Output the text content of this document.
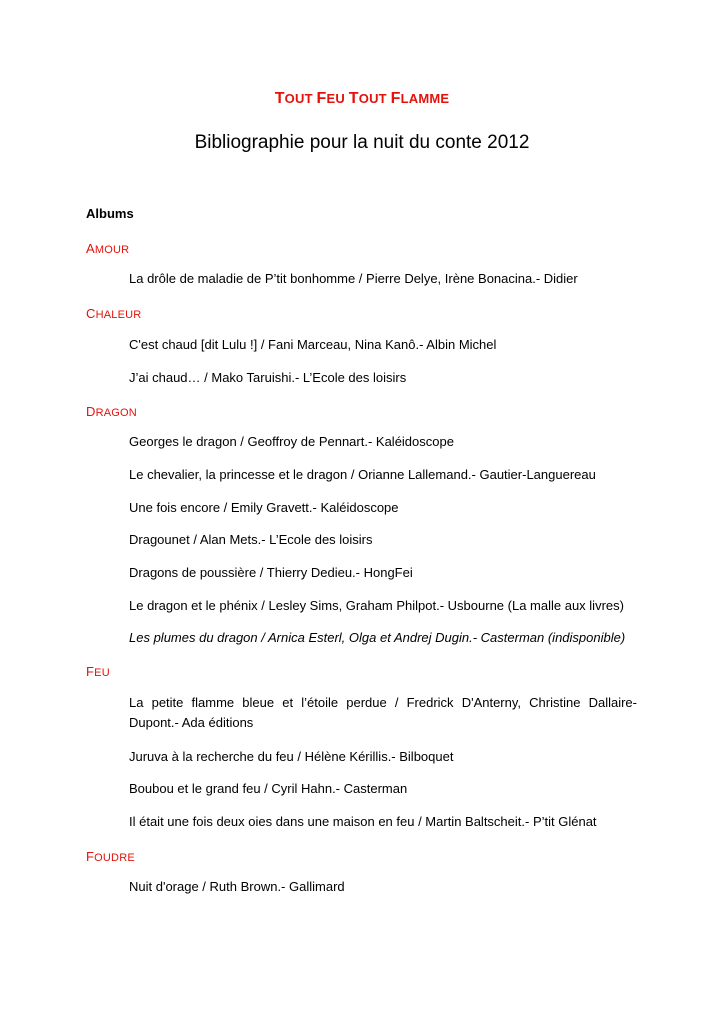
TOUT FEU TOUT FLAMME
Bibliographie pour la nuit du conte 2012
Albums
AMOUR
La drôle de maladie de P’tit bonhomme / Pierre Delye, Irène Bonacina.- Didier
CHALEUR
C'est chaud [dit Lulu !] / Fani Marceau, Nina Kanô.- Albin Michel
J’ai chaud… / Mako Taruishi.- L’Ecole des loisirs
DRAGON
Georges le dragon / Geoffroy de Pennart.- Kaléidoscope
Le chevalier, la princesse et le dragon / Orianne Lallemand.- Gautier-Languereau
Une fois encore / Emily Gravett.- Kaléidoscope
Dragounet / Alan Mets.- L’Ecole des loisirs
Dragons de poussière / Thierry Dedieu.- HongFei
Le dragon et le phénix / Lesley Sims, Graham Philpot.- Usbourne (La malle aux livres)
Les plumes du dragon / Arnica Esterl, Olga et Andrej Dugin.- Casterman (indisponible)
FEU
La petite flamme bleue et l’étoile perdue / Fredrick D'Anterny, Christine Dallaire-Dupont.- Ada éditions
Juruva à la recherche du feu / Hélène Kérillis.- Bilboquet
Boubou et le grand feu / Cyril Hahn.- Casterman
Il était une fois deux oies dans une maison en feu / Martin Baltscheit.- P’tit Glénat
FOUDRE
Nuit d'orage / Ruth Brown.- Gallimard
